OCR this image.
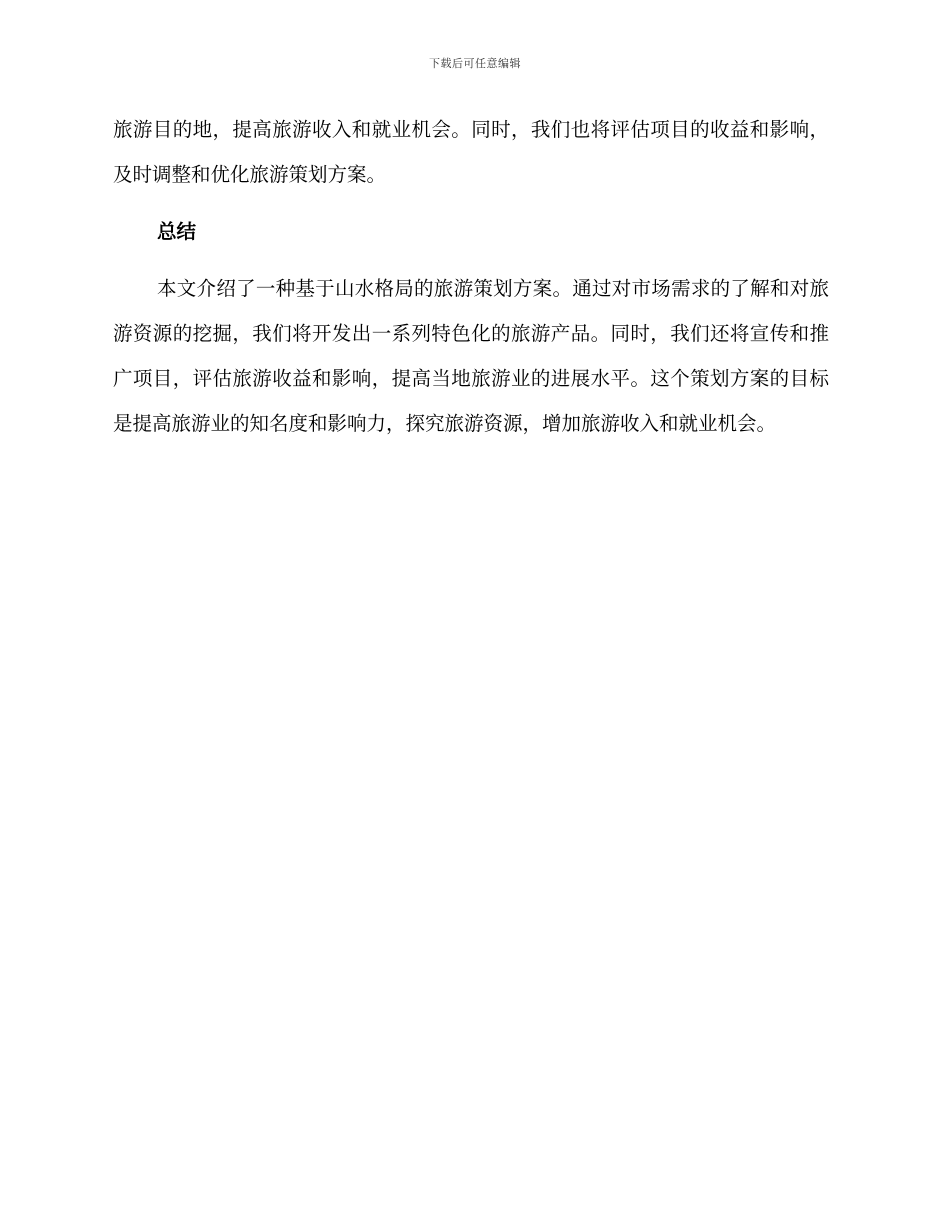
下载后可任意编辑

旅游目的地，提高旅游收入和就业机会。同时，我们也将评估项目的收益和影响，及时调整和优化旅游策划方案。

总结

本文介绍了一种基于山水格局的旅游策划方案。通过对市场需求的了解和对旅游资源的挖掘，我们将开发出一系列特色化的旅游产品。同时，我们还将宣传和推广项目，评估旅游收益和影响，提高当地旅游业的进展水平。这个策划方案的目标是提高旅游业的知名度和影响力，探究旅游资源，增加旅游收入和就业机会。
